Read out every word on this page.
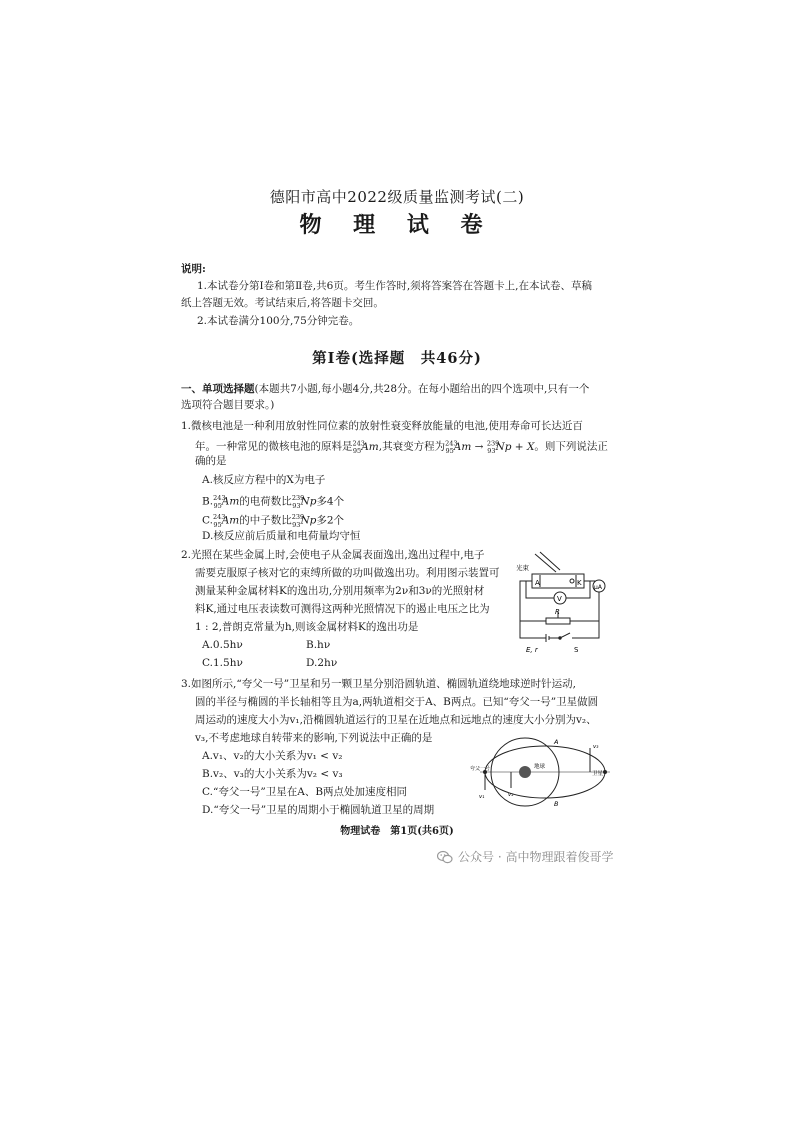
德阳市高中2022级质量监测考试(二)
物 理 试 卷
说明:
1.本试卷分第Ⅰ卷和第Ⅱ卷,共6页。考生作答时,须将答案答在答题卡上,在本试卷、草稿
纸上答题无效。考试结束后,将答题卡交回。
2.本试卷满分100分,75分钟完卷。
第Ⅰ卷(选择题　共46分)
一、单项选择题(本题共7小题,每小题4分,共28分。在每小题给出的四个选项中,只有一个
选项符合题目要求。)
1.微核电池是一种利用放射性同位素的放射性衰变释放能量的电池,使用寿命可长达近百
年。一种常见的微核电池的原料是$^{243}_{95}$Am,其衰变方程为$^{243}_{95}$Am → $^{239}_{93}$Np + X。则下列说法正
确的是
A.核反应方程中的X为电子
B.$^{243}_{95}$Am的电荷数比$^{239}_{93}$Np多4个
C.$^{243}_{95}$Am的中子数比$^{239}_{93}$Np多2个
D.核反应前后质量和电荷量均守恒
2.光照在某些金属上时,会使电子从金属表面逸出,逸出过程中,电子
需要克服原子核对它的束缚所做的功叫做逸出功。利用图示装置可
测量某种金属材料K的逸出功,分别用频率为2ν和3ν的光照射材
料K,通过电压表读数可测得这两种光照情况下的遏止电压之比为
1 : 2,普朗克常量为h,则该金属材料K的逸出功是
A.0.5hν	B.hν
C.1.5hν	D.2hν
光束
A	K
V
μA
R
E, r	S
3.如图所示,“夸父一号”卫星和另一颗卫星分别沿圆轨道、椭圆轨道绕地球逆时针运动,
圆的半径与椭圆的半长轴相等且为a,两轨道相交于A、B两点。已知“夸父一号”卫星做圆
周运动的速度大小为v₁,沿椭圆轨道运行的卫星在近地点和远地点的速度大小分别为v₂、
v₃,不考虑地球自转带来的影响,下列说法中正确的是
A.v₁、v₂的大小关系为v₁ < v₂
B.v₂、v₃的大小关系为v₂ < v₃
C.“夸父一号”卫星在A、B两点处加速度相同
D.“夸父一号”卫星的周期小于椭圆轨道卫星的周期
A
B
地球
卫星
夸父一号
v₁	v₂
v₃
物理试卷　第1页(共6页)
公众号 · 高中物理跟着俊哥学
